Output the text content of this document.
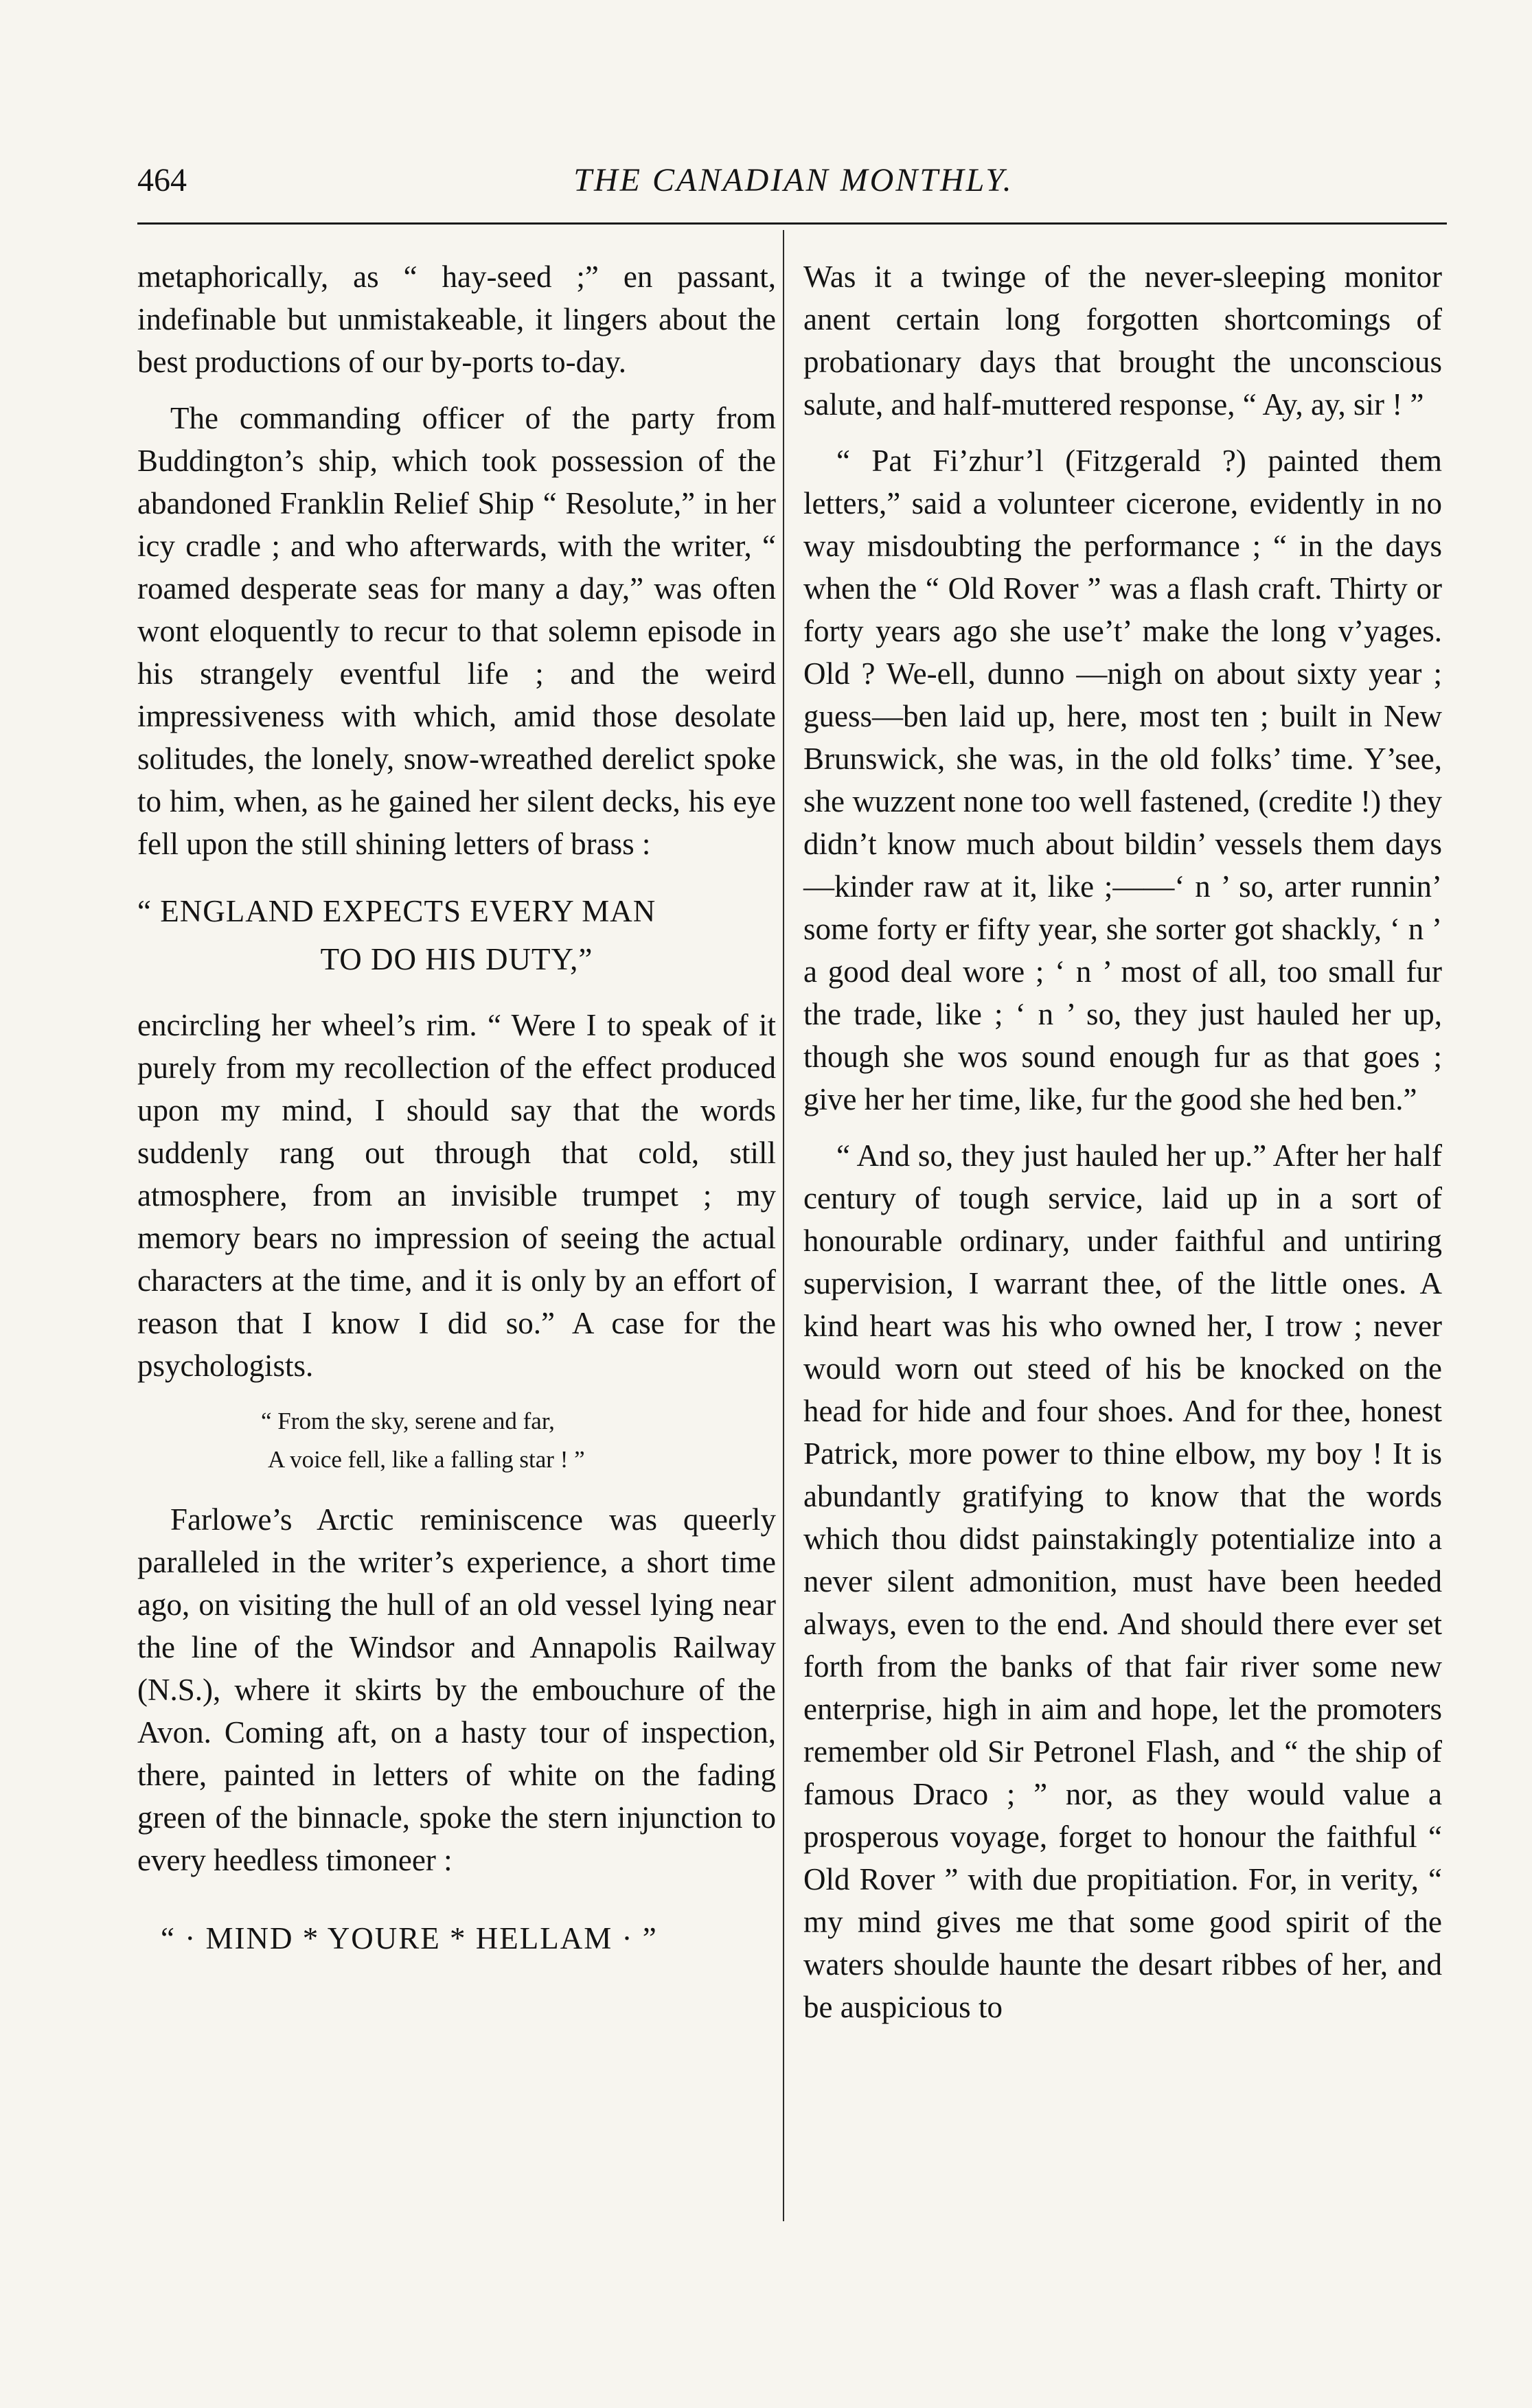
464	THE CANADIAN MONTHLY.

metaphorically, as “ hay-seed ;” en passant, indefinable but unmistakeable, it lingers about the best productions of our by-ports to-day.

The commanding officer of the party from Buddington’s ship, which took possession of the abandoned Franklin Relief Ship “ Resolute,” in her icy cradle ; and who afterwards, with the writer, “ roamed desperate seas for many a day,” was often wont eloquently to recur to that solemn episode in his strangely eventful life ; and the weird impressiveness with which, amid those desolate solitudes, the lonely, snow-wreathed derelict spoke to him, when, as he gained her silent decks, his eye fell upon the still shining letters of brass :

“ ENGLAND EXPECTS EVERY MAN
TO DO HIS DUTY,”

encircling her wheel’s rim. “ Were I to speak of it purely from my recollection of the effect produced upon my mind, I should say that the words suddenly rang out through that cold, still atmosphere, from an invisible trumpet ; my memory bears no impression of seeing the actual characters at the time, and it is only by an effort of reason that I know I did so.” A case for the psychologists.

“ From the sky, serene and far,
A voice fell, like a falling star ! ”

Farlowe’s Arctic reminiscence was queerly paralleled in the writer’s experience, a short time ago, on visiting the hull of an old vessel lying near the line of the Windsor and Annapolis Railway (N.S.), where it skirts by the embouchure of the Avon. Coming aft, on a hasty tour of inspection, there, painted in letters of white on the fading green of the binnacle, spoke the stern injunction to every heedless timoneer :

“ · MIND * YOURE * HELLAM · ”

Was it a twinge of the never-sleeping monitor anent certain long forgotten shortcomings of probationary days that brought the unconscious salute, and half-muttered response, “ Ay, ay, sir ! ”

“ Pat Fi’zhur’l (Fitzgerald ?) painted them letters,” said a volunteer cicerone, evidently in no way misdoubting the performance ; “ in the days when the “ Old Rover ” was a flash craft. Thirty or forty years ago she use’t’ make the long v’yages. Old ? We-ell, dunno —nigh on about sixty year ; guess—ben laid up, here, most ten ; built in New Brunswick, she was, in the old folks’ time. Y’see, she wuzzent none too well fastened, (credite !) they didn’t know much about bildin’ vessels them days—kinder raw at it, like ;——‘ n ’ so, arter runnin’ some forty er fifty year, she sorter got shackly, ‘ n ’ a good deal wore ; ‘ n ’ most of all, too small fur the trade, like ; ‘ n ’ so, they just hauled her up, though she wos sound enough fur as that goes ; give her her time, like, fur the good she hed ben.”

“ And so, they just hauled her up.” After her half century of tough service, laid up in a sort of honourable ordinary, under faithful and untiring supervision, I warrant thee, of the little ones. A kind heart was his who owned her, I trow ; never would worn out steed of his be knocked on the head for hide and four shoes. And for thee, honest Patrick, more power to thine elbow, my boy ! It is abundantly gratifying to know that the words which thou didst painstakingly potentialize into a never silent admonition, must have been heeded always, even to the end. And should there ever set forth from the banks of that fair river some new enterprise, high in aim and hope, let the promoters remember old Sir Petronel Flash, and “ the ship of famous Draco ; ” nor, as they would value a prosperous voyage, forget to honour the faithful “ Old Rover ” with due propitiation. For, in verity, “ my mind gives me that some good spirit of the waters shoulde haunte the desart ribbes of her, and be auspicious to
